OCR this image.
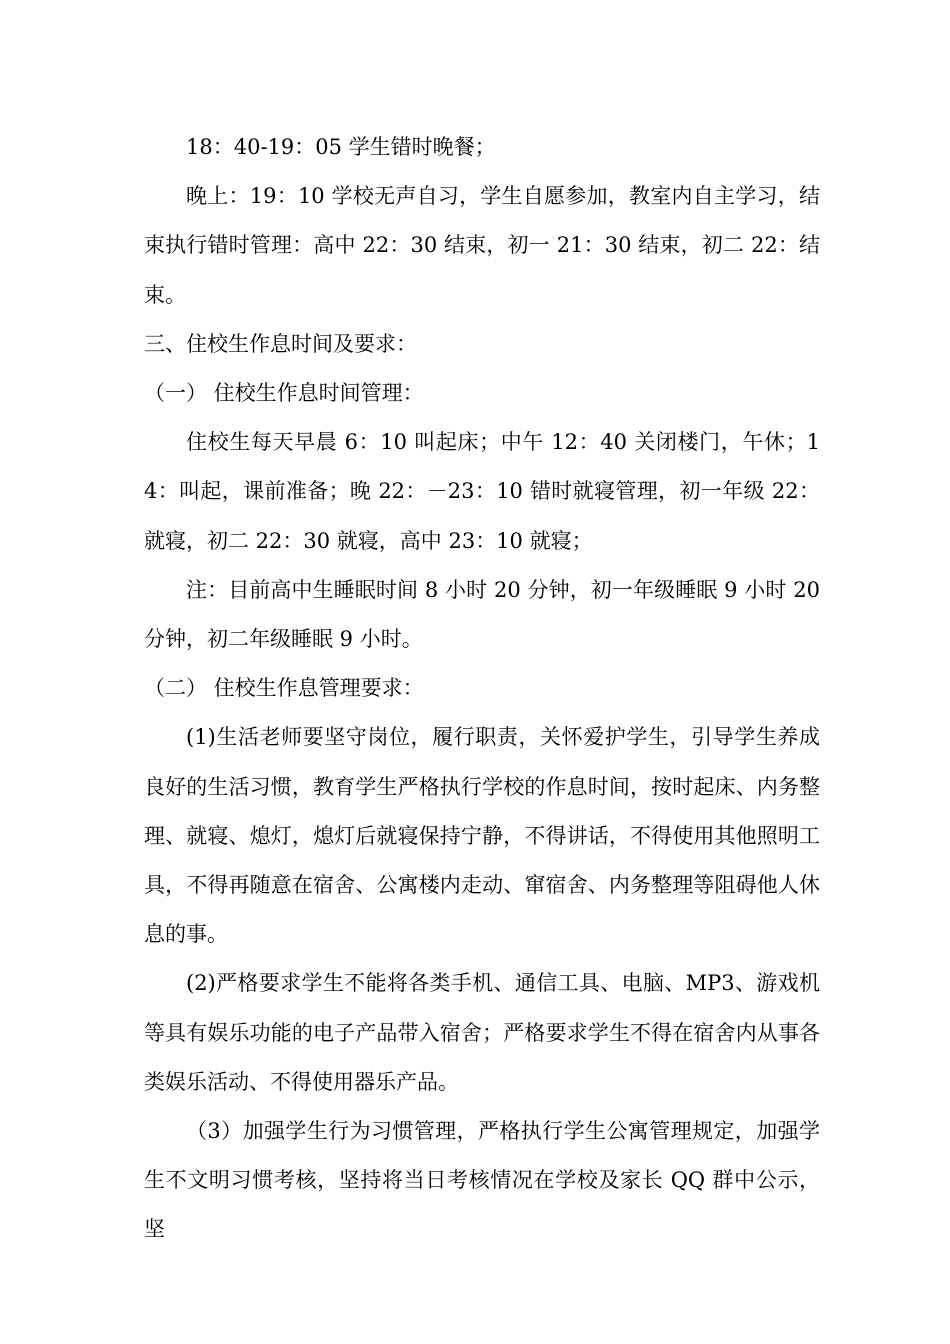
18：40-19：05 学生错时晚餐；

晚上：19：10 学校无声自习，学生自愿参加，教室内自主学习，结束执行错时管理：高中 22：30 结束，初一 21：30 结束，初二 22：结束。

三、住校生作息时间及要求：

（一） 住校生作息时间管理：

住校生每天早晨 6：10 叫起床；中午 12：40 关闭楼门，午休；14：叫起，课前准备；晚 22：－23：10 错时就寝管理，初一年级 22：就寝，初二 22：30 就寝，高中 23：10 就寝；

注：目前高中生睡眠时间 8 小时 20 分钟，初一年级睡眠 9 小时 20 分钟，初二年级睡眠 9 小时。

（二） 住校生作息管理要求：

(1)生活老师要坚守岗位，履行职责，关怀爱护学生，引导学生养成良好的生活习惯，教育学生严格执行学校的作息时间，按时起床、内务整理、就寝、熄灯，熄灯后就寝保持宁静，不得讲话，不得使用其他照明工具，不得再随意在宿舍、公寓楼内走动、窜宿舍、内务整理等阻碍他人休息的事。

(2)严格要求学生不能将各类手机、通信工具、电脑、MP3、游戏机等具有娱乐功能的电子产品带入宿舍；严格要求学生不得在宿舍内从事各类娱乐活动、不得使用器乐产品。

（3）加强学生行为习惯管理，严格执行学生公寓管理规定，加强学生不文明习惯考核，坚持将当日考核情况在学校及家长 QQ 群中公示，坚
